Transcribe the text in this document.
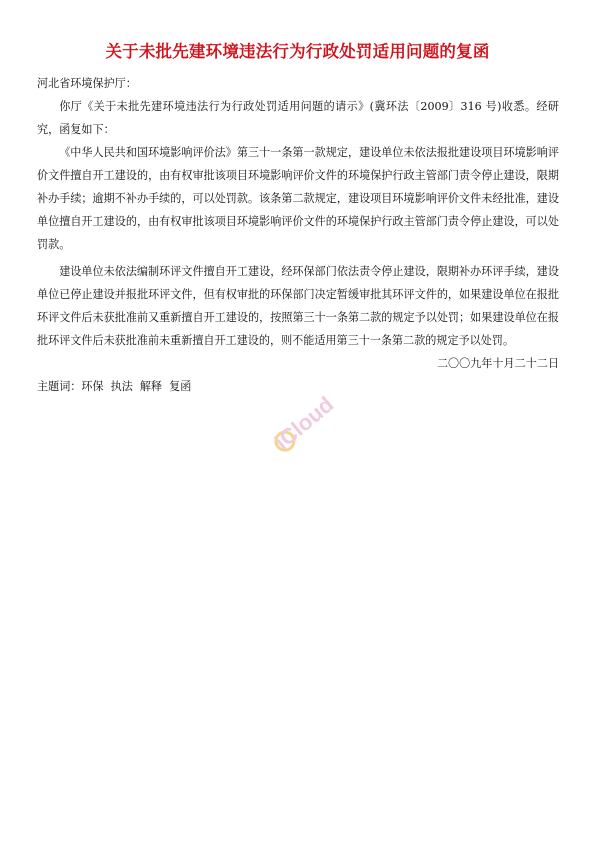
关于未批先建环境违法行为行政处罚适用问题的复函

河北省环境保护厅：

你厅《关于未批先建环境违法行为行政处罚适用问题的请示》(冀环法〔2009〕316 号)收悉。经研究，函复如下：

《中华人民共和国环境影响评价法》第三十一条第一款规定，建设单位未依法报批建设项目环境影响评价文件擅自开工建设的，由有权审批该项目环境影响评价文件的环境保护行政主管部门责令停止建设，限期补办手续；逾期不补办手续的，可以处罚款。该条第二款规定，建设项目环境影响评价文件未经批准，建设单位擅自开工建设的，由有权审批该项目环境影响评价文件的环境保护行政主管部门责令停止建设，可以处罚款。

建设单位未依法编制环评文件擅自开工建设，经环保部门依法责令停止建设，限期补办环评手续，建设单位已停止建设并报批环评文件，但有权审批的环保部门决定暂缓审批其环评文件的，如果建设单位在报批环评文件后未获批准前又重新擅自开工建设的，按照第三十一条第二款的规定予以处罚；如果建设单位在报批环评文件后未获批准前未重新擅自开工建设的，则不能适用第三十一条第二款的规定予以处罚。

二〇〇九年十月二十二日

主题词：环保  执法  解释  复函

iCloud
